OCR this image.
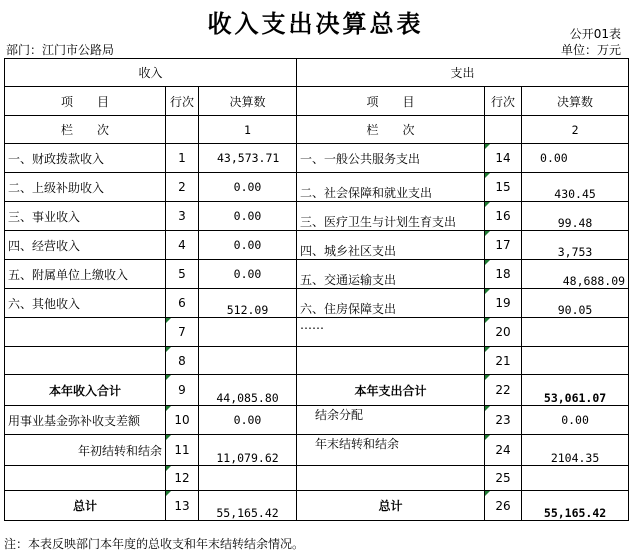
收入支出决算总表	公开01表
部门：江门市公路局	单位：万元
收入			支出		
项　　目	行次	决算数	项　　目	行次	决算数
栏　　次		1	栏　　次		2
一、财政拨款收入	1	43,573.71	一、一般公共服务支出	14	0.00
二、上级补助收入	2	0.00	二、社会保障和就业支出	15	430.45
三、事业收入	3	0.00	三、医疗卫生与计划生育支出	16	99.48
四、经营收入	4	0.00	四、城乡社区支出	17	3,753
五、附属单位上缴收入	5	0.00	五、交通运输支出	18	48,688.09
六、其他收入	6	512.09	六、住房保障支出	19	90.05
	7		……	20	
	8			21	
本年收入合计	9	44,085.80	本年支出合计	22	53,061.07
用事业基金弥补收支差额	10	0.00	结余分配	23	0.00
年初结转和结余	11	11,079.62	年末结转和结余	24	2104.35
	12			25	
总计	13	55,165.42	总计	26	55,165.42
注：本表反映部门本年度的总收支和年末结转结余情况。
